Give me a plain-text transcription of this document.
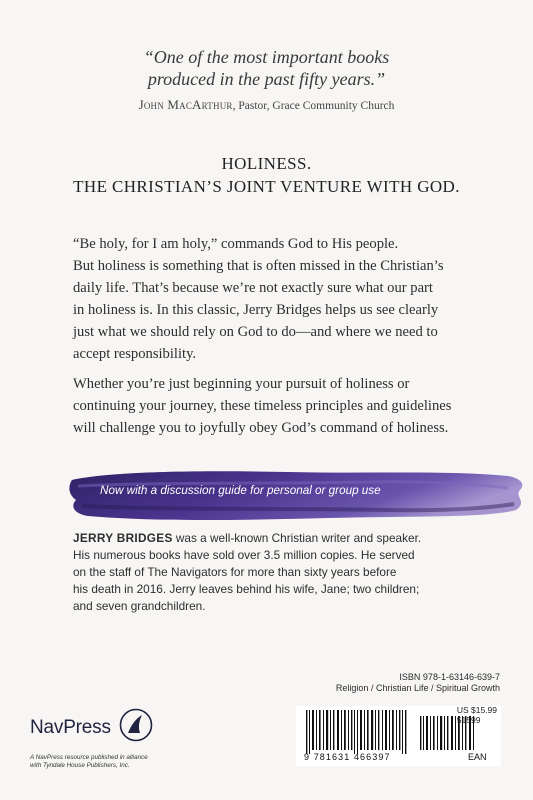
“One of the most important books
produced in the past fifty years.”
John MacArthur, Pastor, Grace Community Church
HOLINESS.
THE CHRISTIAN’S JOINT VENTURE WITH GOD.
“Be holy, for I am holy,” commands God to His people.
But holiness is something that is often missed in the Christian’s
daily life. That’s because we’re not exactly sure what our part
in holiness is. In this classic, Jerry Bridges helps us see clearly
just what we should rely on God to do—and where we need to
accept responsibility.
Whether you’re just beginning your pursuit of holiness or
continuing your journey, these timeless principles and guidelines
will challenge you to joyfully obey God’s command of holiness.
Now with a discussion guide for personal or group use
JERRY BRIDGES was a well-known Christian writer and speaker.
His numerous books have sold over 3.5 million copies. He served
on the staff of The Navigators for more than sixty years before
his death in 2016. Jerry leaves behind his wife, Jane; two children;
and seven grandchildren.
ISBN 978-1-63146-639-7
Religion / Christian Life / Spiritual Growth
US $15.99
51599
9 781631 466397	EAN
NavPress
A NavPress resource published in alliance
with Tyndale House Publishers, Inc.
